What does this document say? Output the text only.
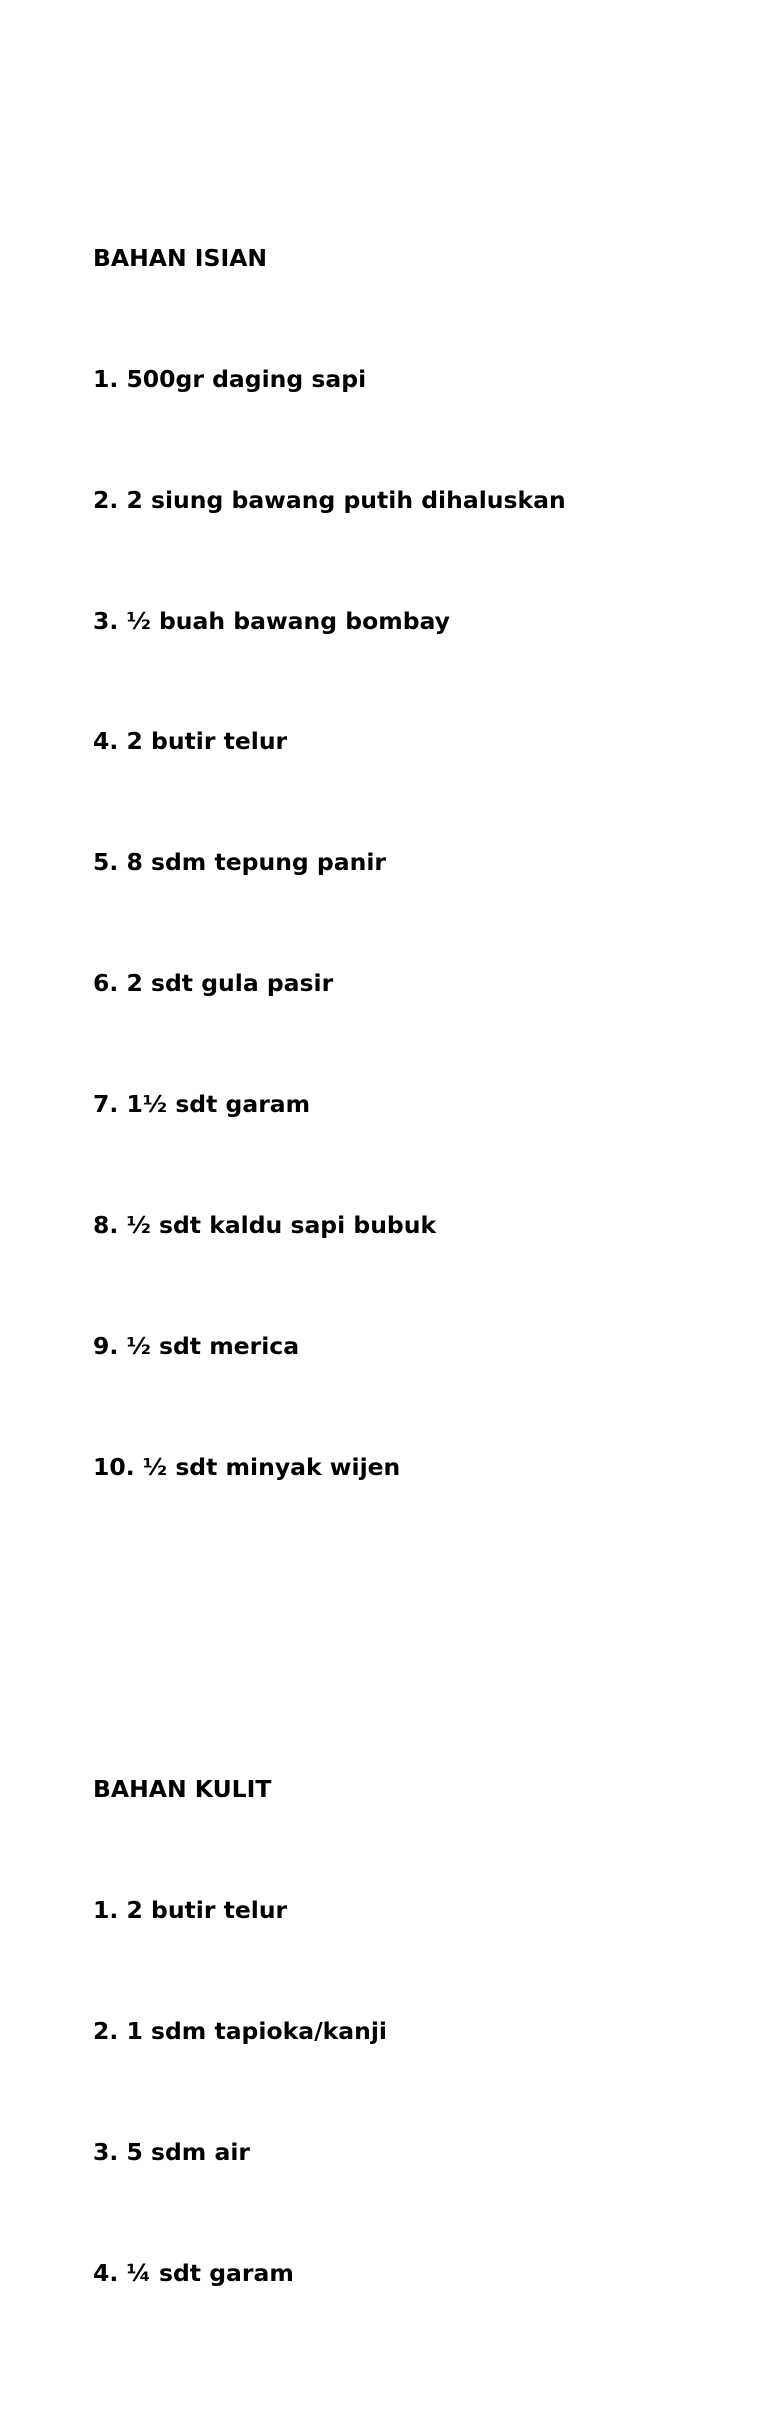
BAHAN ISIAN

1. 500gr daging sapi

2. 2 siung bawang putih dihaluskan

3. ½ buah bawang bombay

4. 2 butir telur

5. 8 sdm tepung panir

6. 2 sdt gula pasir

7. 1½ sdt garam

8. ½ sdt kaldu sapi bubuk

9. ½ sdt merica

10. ½ sdt minyak wijen

BAHAN KULIT

1. 2 butir telur

2. 1 sdm tapioka/kanji

3. 5 sdm air

4. ¼ sdt garam
